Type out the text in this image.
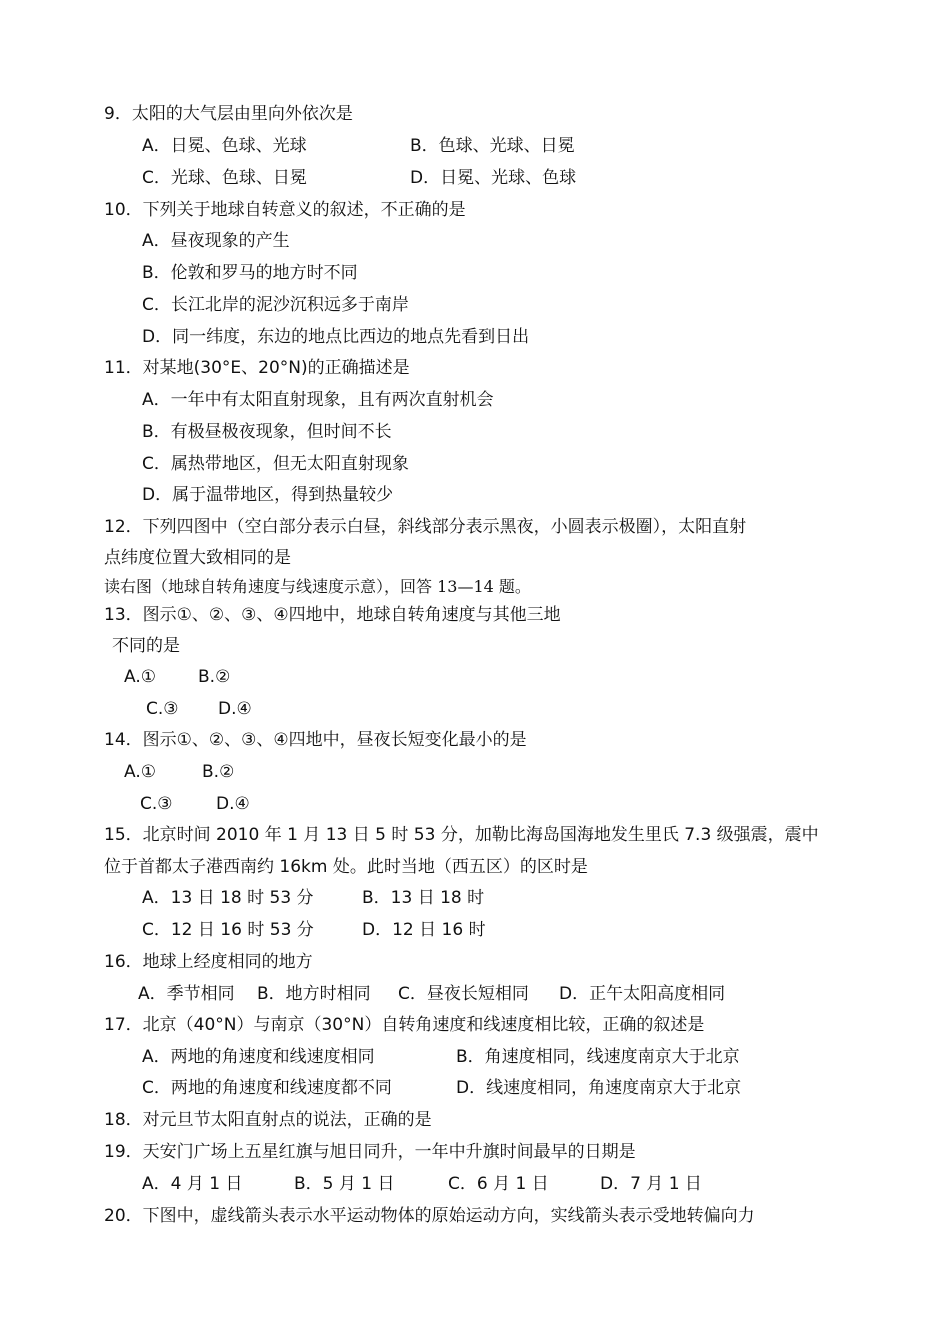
9．太阳的大气层由里向外依次是
A．日冕、色球、光球	B．色球、光球、日冕
C．光球、色球、日冕	D．日冕、光球、色球
10．下列关于地球自转意义的叙述，不正确的是
A．昼夜现象的产生
B．伦敦和罗马的地方时不同
C．长江北岸的泥沙沉积远多于南岸
D．同一纬度，东边的地点比西边的地点先看到日出
11．对某地(30°E、20°N)的正确描述是
A．一年中有太阳直射现象，且有两次直射机会
B．有极昼极夜现象，但时间不长
C．属热带地区，但无太阳直射现象
D．属于温带地区，得到热量较少
12．下列四图中（空白部分表示白昼，斜线部分表示黑夜，小圆表示极圈），太阳直射
点纬度位置大致相同的是
读右图（地球自转角速度与线速度示意），回答 13—14 题。
13．图示①、②、③、④四地中，地球自转角速度与其他三地
不同的是
A.① B.②
C.③ D.④
14．图示①、②、③、④四地中，昼夜长短变化最小的是
A.①	B.②
C.③	D.④
15．北京时间 2010 年 1 月 13 日 5 时 53 分，加勒比海岛国海地发生里氏 7.3 级强震，震中
位于首都太子港西南约 16km 处。此时当地（西五区）的区时是
A．13 日 18 时 53 分	B．13 日 18 时
C．12 日 16 时 53 分	D．12 日 16 时
16．地球上经度相同的地方
A．季节相同 B．地方时相同 C．昼夜长短相同 D．正午太阳高度相同
17．北京（40°N）与南京（30°N）自转角速度和线速度相比较，正确的叙述是
A．两地的角速度和线速度相同	B．角速度相同，线速度南京大于北京
C．两地的角速度和线速度都不同	D．线速度相同，角速度南京大于北京
18．对元旦节太阳直射点的说法，正确的是
19．天安门广场上五星红旗与旭日同升，一年中升旗时间最早的日期是
A．4 月 1 日	B．5 月 1 日	C．6 月 1 日	D．7 月 1 日
20．下图中，虚线箭头表示水平运动物体的原始运动方向，实线箭头表示受地转偏向力
